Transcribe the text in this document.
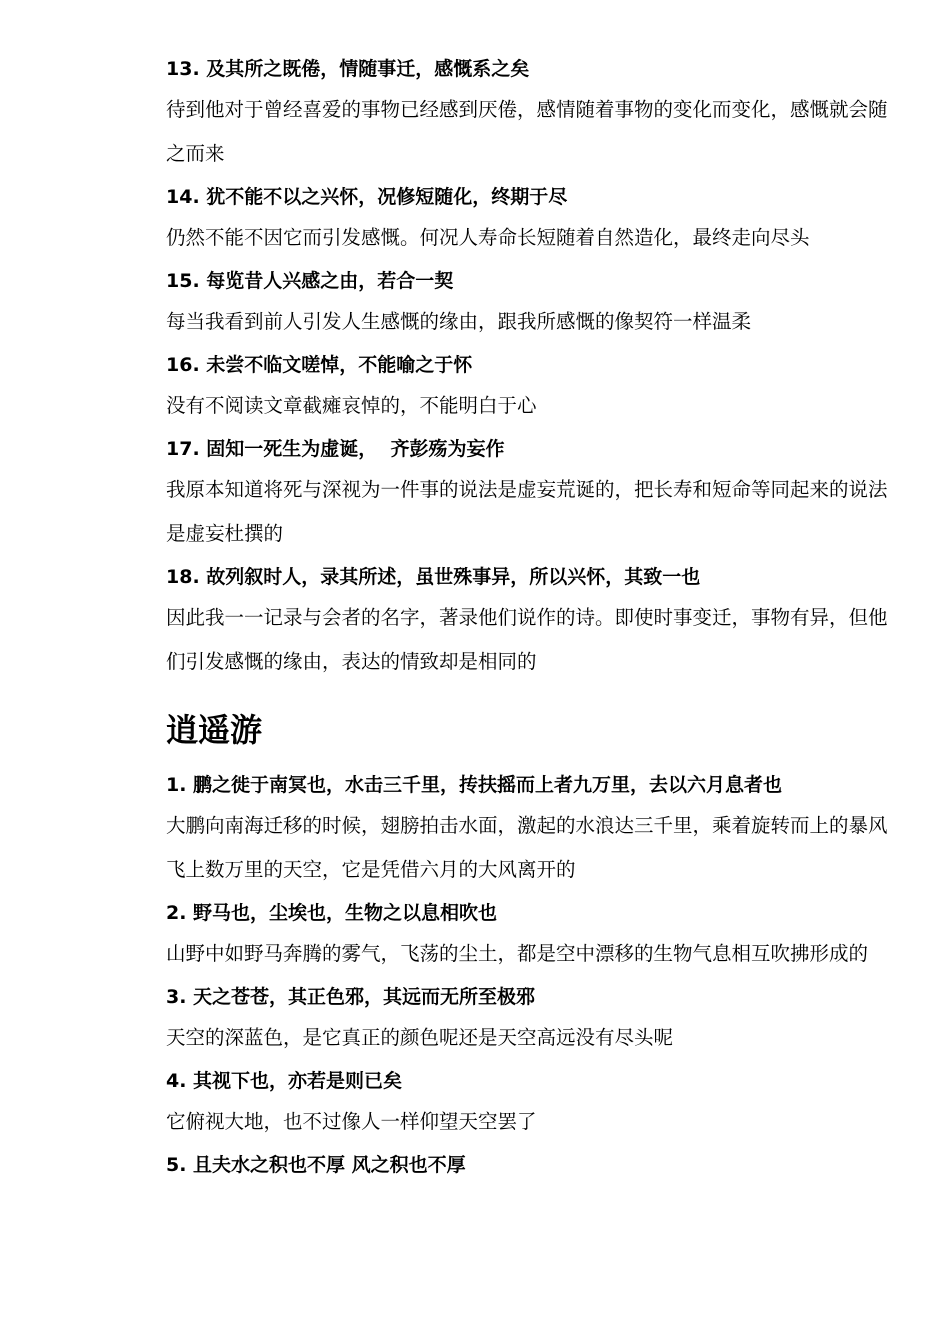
13. 及其所之既倦，情随事迁，感慨系之矣
待到他对于曾经喜爱的事物已经感到厌倦，感情随着事物的变化而变化，感慨就会随之而来
14. 犹不能不以之兴怀，况修短随化，终期于尽
仍然不能不因它而引发感慨。何况人寿命长短随着自然造化，最终走向尽头
15. 每览昔人兴感之由，若合一契
每当我看到前人引发人生感慨的缘由，跟我所感慨的像契符一样温柔
16. 未尝不临文嗟悼，不能喻之于怀
没有不阅读文章截瘫哀悼的，不能明白于心
17. 固知一死生为虚诞，  齐彭殇为妄作
我原本知道将死与深视为一件事的说法是虚妄荒诞的，把长寿和短命等同起来的说法是虚妄杜撰的
18. 故列叙时人，录其所述，虽世殊事异，所以兴怀，其致一也
因此我一一记录与会者的名字，著录他们说作的诗。即使时事变迁，事物有异，但他们引发感慨的缘由，表达的情致却是相同的
逍遥游
1. 鹏之徙于南冥也，水击三千里，抟扶摇而上者九万里，去以六月息者也
大鹏向南海迁移的时候，翅膀拍击水面，激起的水浪达三千里，乘着旋转而上的暴风飞上数万里的天空，它是凭借六月的大风离开的
2. 野马也，尘埃也，生物之以息相吹也
山野中如野马奔腾的雾气，飞荡的尘土，都是空中漂移的生物气息相互吹拂形成的
3. 天之苍苍，其正色邪，其远而无所至极邪
天空的深蓝色，是它真正的颜色呢还是天空高远没有尽头呢
4. 其视下也，亦若是则已矣
它俯视大地，也不过像人一样仰望天空罢了
5. 且夫水之积也不厚 风之积也不厚
